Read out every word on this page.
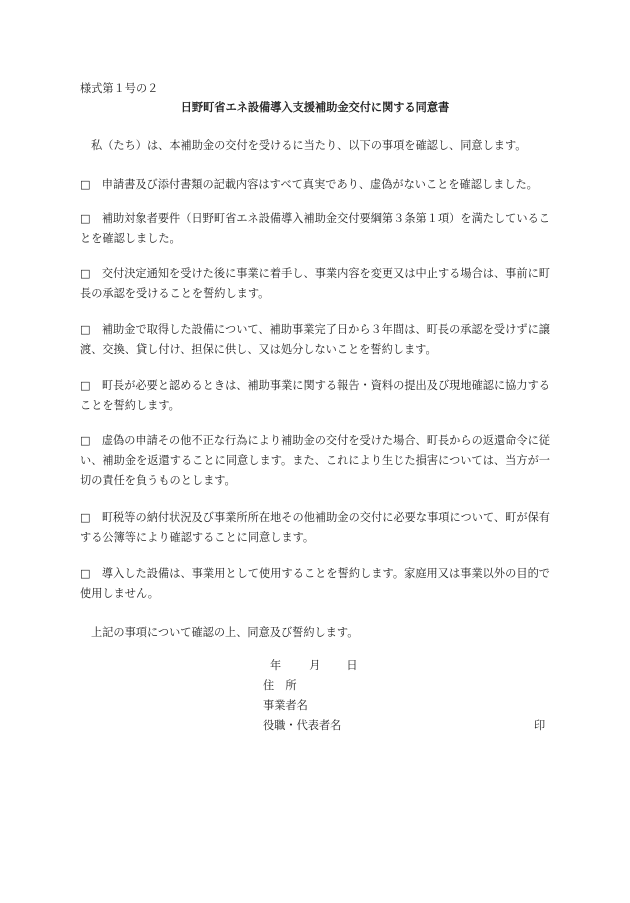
様式第１号の２
日野町省エネ設備導入支援補助金交付に関する同意書
私（たち）は、本補助金の交付を受けるに当たり、以下の事項を確認し、同意します。
□　 申請書及び添付書類の記載内容はすべて真実であり、虚偽がないことを確認しました。
□　 補助対象者要件（日野町省エネ設備導入補助金交付要綱第３条第１項）を満たしていることを確認しました。
□　 交付決定通知を受けた後に事業に着手し、事業内容を変更又は中止する場合は、事前に町長の承認を受けることを誓約します。
□　 補助金で取得した設備について、補助事業完了日から３年間は、町長の承認を受けずに譲渡、交換、貸し付け、担保に供し、又は処分しないことを誓約します。
□　 町長が必要と認めるときは、補助事業に関する報告・資料の提出及び現地確認に協力することを誓約します。
□　 虚偽の申請その他不正な行為により補助金の交付を受けた場合、町長からの返還命令に従い、補助金を返還することに同意します。また、これにより生じた損害については、当方が一切の責任を負うものとします。
□　 町税等の納付状況及び事業所所在地その他補助金の交付に必要な事項について、町が保有する公簿等により確認することに同意します。
□　 導入した設備は、事業用として使用することを誓約します。家庭用又は事業以外の目的で使用しません。
上記の事項について確認の上、同意及び誓約します。
年	月 日
住　所
事業者名
役職・代表者名	印
